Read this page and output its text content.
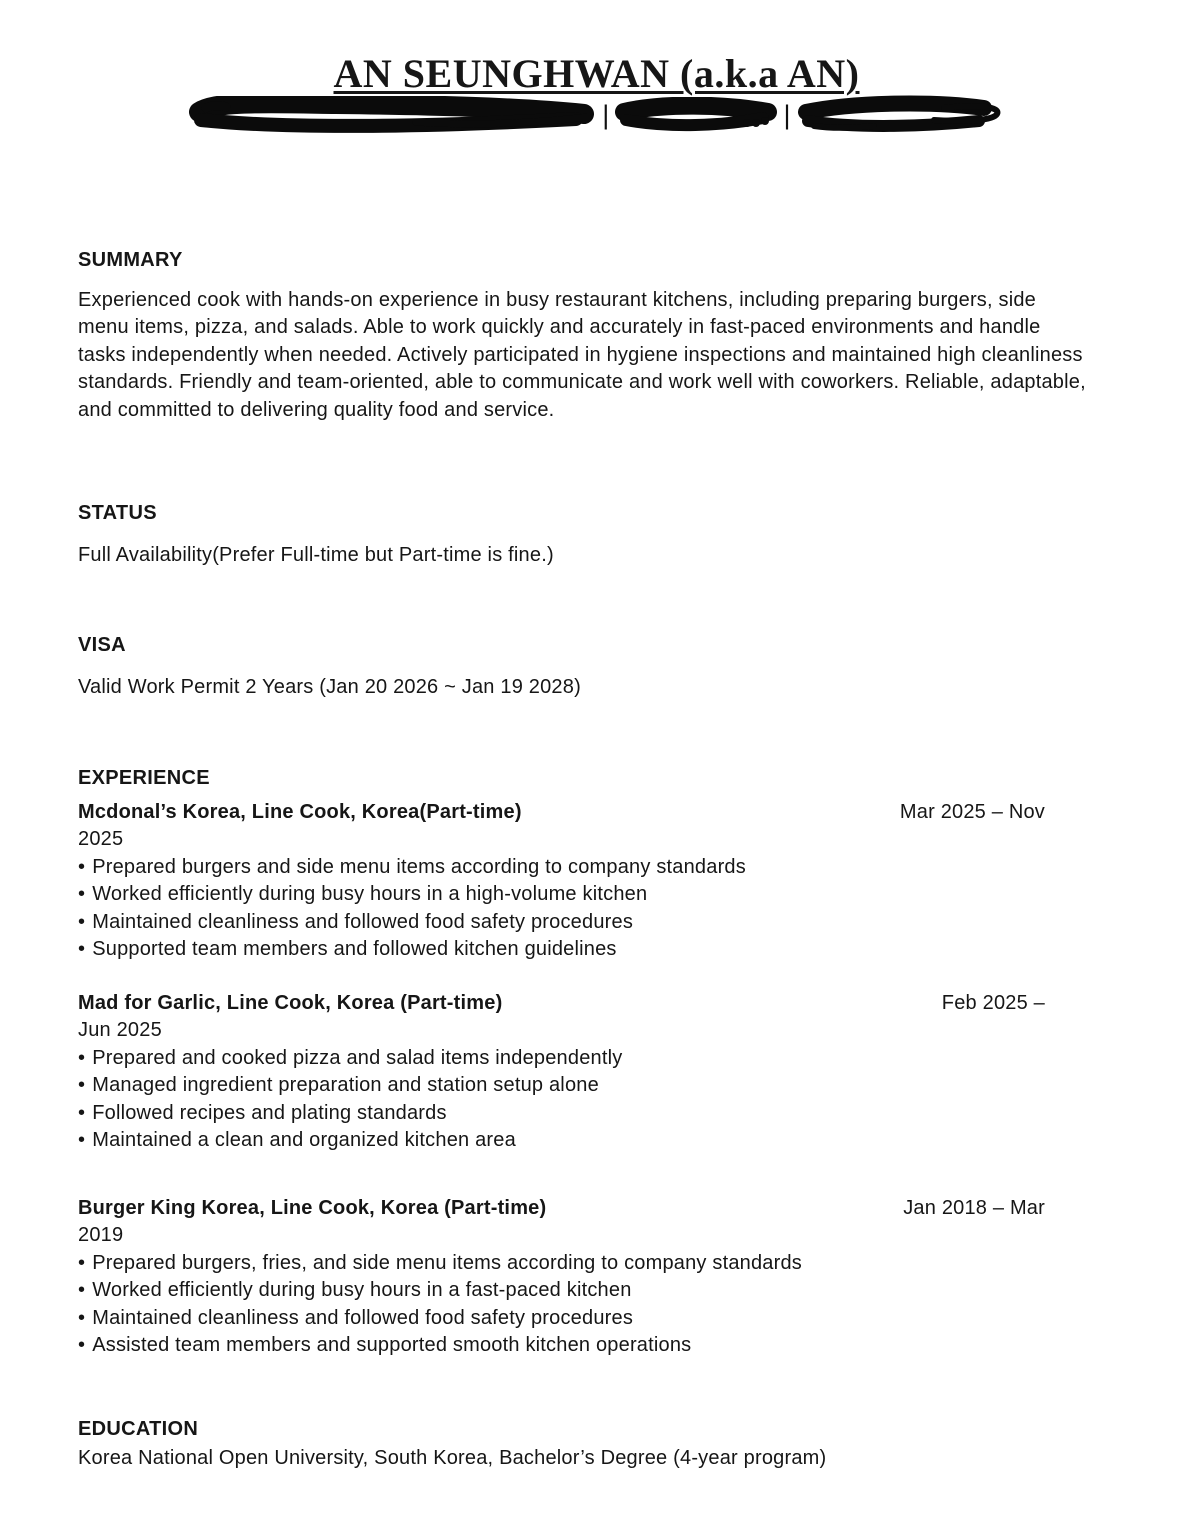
AN SEUNGHWAN (a.k.a AN)
|	|
SUMMARY
Experienced cook with hands-on experience in busy restaurant kitchens, including preparing burgers, side menu items, pizza, and salads. Able to work quickly and accurately in fast-paced environments and handle tasks independently when needed. Actively participated in hygiene inspections and maintained high cleanliness standards. Friendly and team-oriented, able to communicate and work well with coworkers. Reliable, adaptable, and committed to delivering quality food and service.
STATUS
Full Availability(Prefer Full-time but Part-time is fine.)
VISA
Valid Work Permit 2 Years (Jan 20 2026 ~ Jan 19 2028)
EXPERIENCE
Mcdonal’s Korea, Line Cook, Korea(Part-time)	Mar 2025 – Nov
2025
• Prepared burgers and side menu items according to company standards
• Worked efficiently during busy hours in a high-volume kitchen
• Maintained cleanliness and followed food safety procedures
• Supported team members and followed kitchen guidelines
Mad for Garlic, Line Cook, Korea (Part-time)	Feb 2025 –
Jun 2025
• Prepared and cooked pizza and salad items independently
• Managed ingredient preparation and station setup alone
• Followed recipes and plating standards
• Maintained a clean and organized kitchen area
Burger King Korea, Line Cook, Korea (Part-time)	Jan 2018 – Mar
2019
• Prepared burgers, fries, and side menu items according to company standards
• Worked efficiently during busy hours in a fast-paced kitchen
• Maintained cleanliness and followed food safety procedures
• Assisted team members and supported smooth kitchen operations
EDUCATION
Korea National Open University, South Korea, Bachelor’s Degree (4-year program)
